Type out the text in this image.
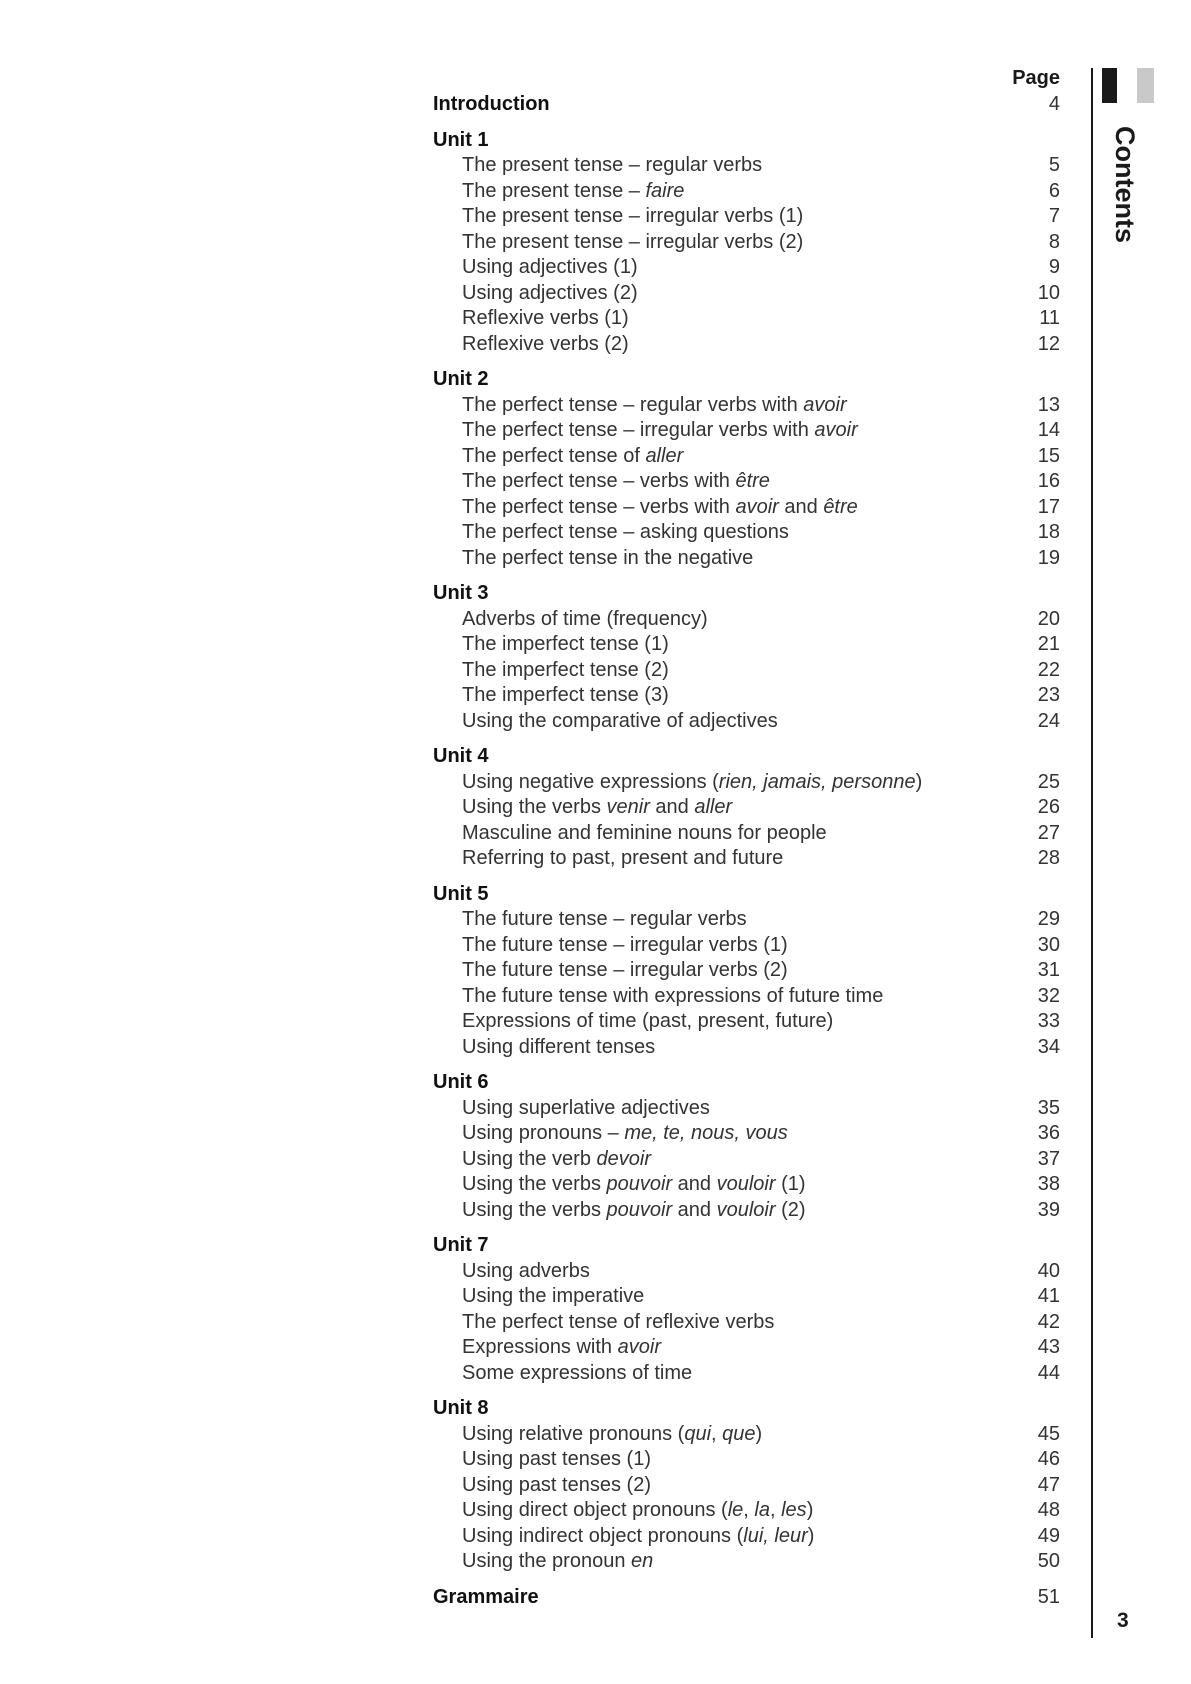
Page
Introduction	4
Unit 1
The present tense – regular verbs	5
The present tense – faire	6
The present tense – irregular verbs (1)	7
The present tense – irregular verbs (2)	8
Using adjectives (1)	9
Using adjectives (2)	10
Reflexive verbs (1)	11
Reflexive verbs (2)	12
Unit 2
The perfect tense – regular verbs with avoir	13
The perfect tense – irregular verbs with avoir	14
The perfect tense of aller	15
The perfect tense – verbs with être	16
The perfect tense – verbs with avoir and être	17
The perfect tense – asking questions	18
The perfect tense in the negative	19
Unit 3
Adverbs of time (frequency)	20
The imperfect tense (1)	21
The imperfect tense (2)	22
The imperfect tense (3)	23
Using the comparative of adjectives	24
Unit 4
Using negative expressions (rien, jamais, personne)	25
Using the verbs venir and aller	26
Masculine and feminine nouns for people	27
Referring to past, present and future	28
Unit 5
The future tense – regular verbs	29
The future tense – irregular verbs (1)	30
The future tense – irregular verbs (2)	31
The future tense with expressions of future time	32
Expressions of time (past, present, future)	33
Using different tenses	34
Unit 6
Using superlative adjectives	35
Using pronouns – me, te, nous, vous	36
Using the verb devoir	37
Using the verbs pouvoir and vouloir (1)	38
Using the verbs pouvoir and vouloir (2)	39
Unit 7
Using adverbs	40
Using the imperative	41
The perfect tense of reflexive verbs	42
Expressions with avoir	43
Some expressions of time	44
Unit 8
Using relative pronouns (qui, que)	45
Using past tenses (1)	46
Using past tenses (2)	47
Using direct object pronouns (le, la, les)	48
Using indirect object pronouns (lui, leur)	49
Using the pronoun en	50
Grammaire	51
Contents
3
